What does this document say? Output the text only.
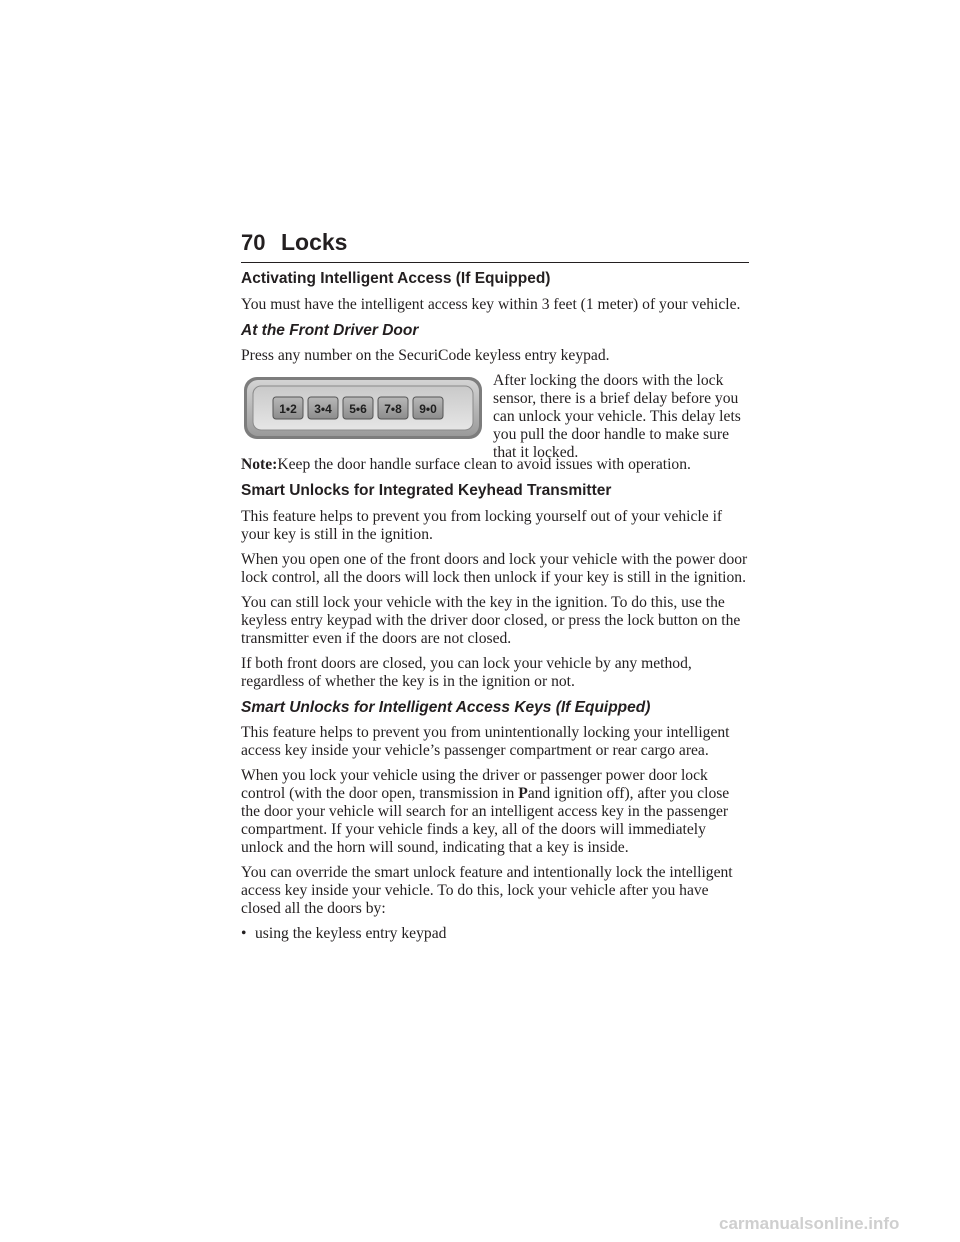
70 Locks
Activating Intelligent Access (If Equipped)

You must have the intelligent access key within 3 feet (1 meter) of your vehicle.

At the Front Driver Door

Press any number on the SecuriCode keyless entry keypad.

1•2 3•4 5•6 7•8 9•0

After locking the doors with the lock sensor, there is a brief delay before you can unlock your vehicle. This delay lets you pull the door handle to make sure that it locked.

Note:Keep the door handle surface clean to avoid issues with operation.

Smart Unlocks for Integrated Keyhead Transmitter

This feature helps to prevent you from locking yourself out of your vehicle if your key is still in the ignition.

When you open one of the front doors and lock your vehicle with the power door lock control, all the doors will lock then unlock if your key is still in the ignition.

You can still lock your vehicle with the key in the ignition. To do this, use the keyless entry keypad with the driver door closed, or press the lock button on the transmitter even if the doors are not closed.

If both front doors are closed, you can lock your vehicle by any method, regardless of whether the key is in the ignition or not.

Smart Unlocks for Intelligent Access Keys (If Equipped)

This feature helps to prevent you from unintentionally locking your intelligent access key inside your vehicle’s passenger compartment or rear cargo area.

When you lock your vehicle using the driver or passenger power door lock control (with the door open, transmission in Pand ignition off), after you close the door your vehicle will search for an intelligent access key in the passenger compartment. If your vehicle finds a key, all of the doors will immediately unlock and the horn will sound, indicating that a key is inside.

You can override the smart unlock feature and intentionally lock the intelligent access key inside your vehicle. To do this, lock your vehicle after you have closed all the doors by:

• using the keyless entry keypad
carmanualsonline.info
